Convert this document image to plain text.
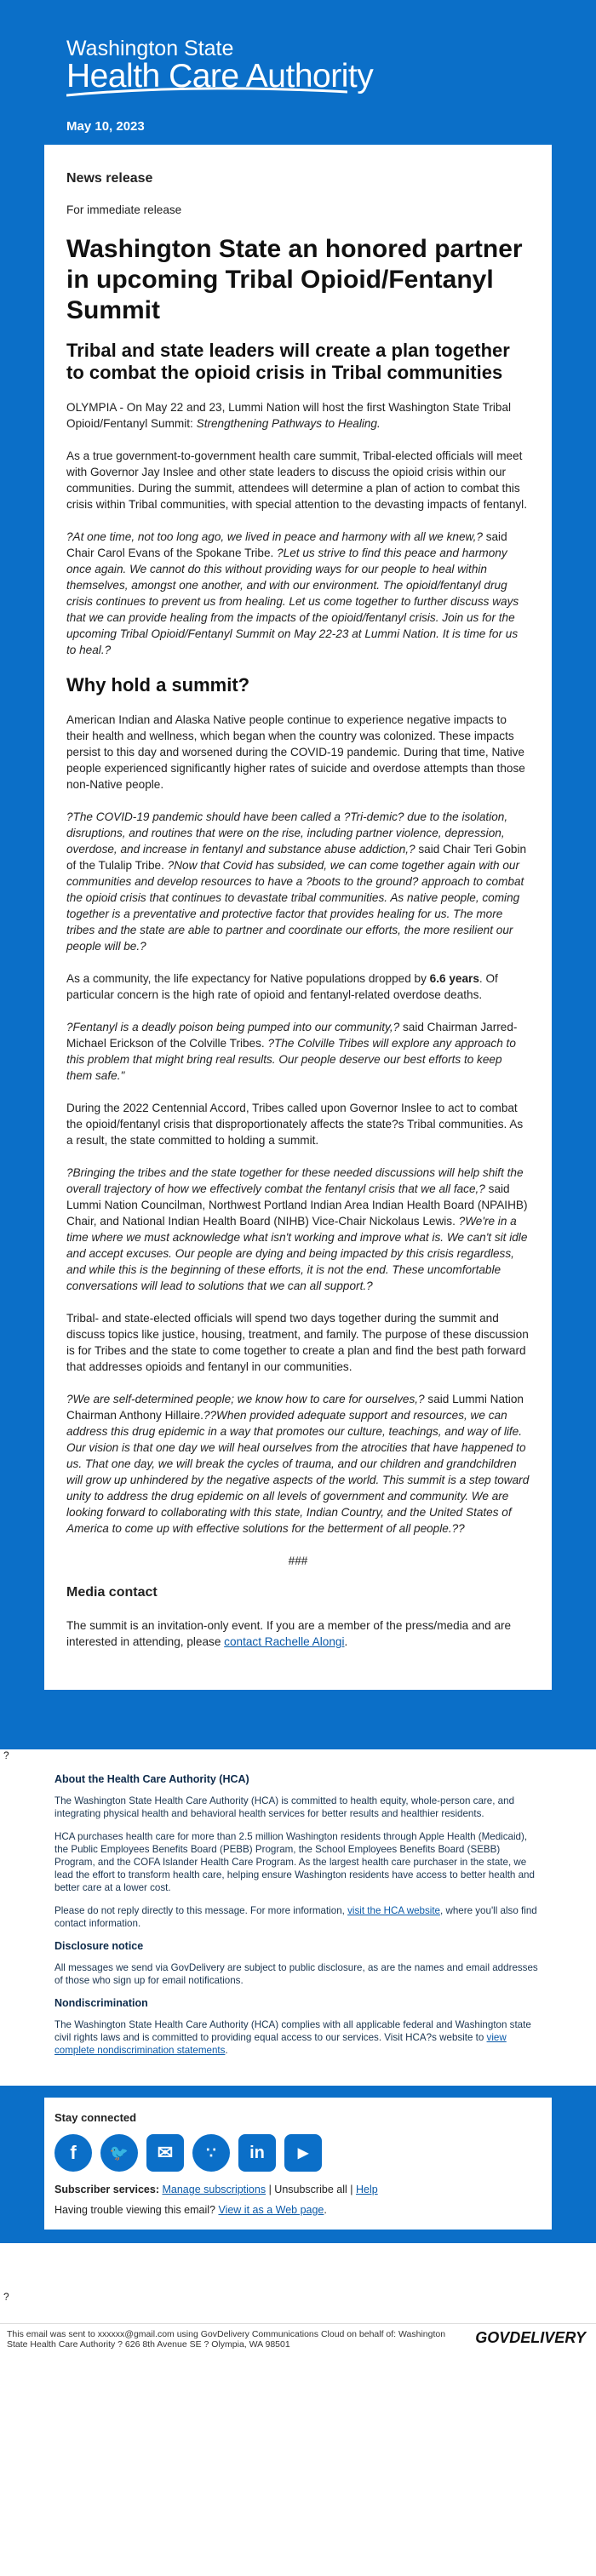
Washington State
Health Care Authority
May 10, 2023
News release

For immediate release

Washington State an honored partner in upcoming Tribal Opioid/Fentanyl Summit
Tribal and state leaders will create a plan together to combat the opioid crisis in Tribal communities

OLYMPIA - On May 22 and 23, Lummi Nation will host the first Washington State Tribal Opioid/Fentanyl Summit: Strengthening Pathways to Healing.

As a true government-to-government health care summit, Tribal-elected officials will meet with Governor Jay Inslee and other state leaders to discuss the opioid crisis within our communities. During the summit, attendees will determine a plan of action to combat this crisis within Tribal communities, with special attention to the devasting impacts of fentanyl.

?At one time, not too long ago, we lived in peace and harmony with all we knew,? said Chair Carol Evans of the Spokane Tribe. ?Let us strive to find this peace and harmony once again. We cannot do this without providing ways for our people to heal within themselves, amongst one another, and with our environment. The opioid/fentanyl drug crisis continues to prevent us from healing. Let us come together to further discuss ways that we can provide healing from the impacts of the opioid/fentanyl crisis. Join us for the upcoming Tribal Opioid/Fentanyl Summit on May 22-23 at Lummi Nation. It is time for us to heal.?

Why hold a summit?

American Indian and Alaska Native people continue to experience negative impacts to their health and wellness, which began when the country was colonized. These impacts persist to this day and worsened during the COVID-19 pandemic. During that time, Native people experienced significantly higher rates of suicide and overdose attempts than those non-Native people.

?The COVID-19 pandemic should have been called a ?Tri-demic? due to the isolation, disruptions, and routines that were on the rise, including partner violence, depression, overdose, and increase in fentanyl and substance abuse addiction,? said Chair Teri Gobin of the Tulalip Tribe. ?Now that Covid has subsided, we can come together again with our communities and develop resources to have a ?boots to the ground? approach to combat the opioid crisis that continues to devastate tribal communities. As native people, coming together is a preventative and protective factor that provides healing for us. The more tribes and the state are able to partner and coordinate our efforts, the more resilient our people will be.?

As a community, the life expectancy for Native populations dropped by 6.6 years. Of particular concern is the high rate of opioid and fentanyl-related overdose deaths.

?Fentanyl is a deadly poison being pumped into our community,? said Chairman Jarred-Michael Erickson of the Colville Tribes. ?The Colville Tribes will explore any approach to this problem that might bring real results. Our people deserve our best efforts to keep them safe."

During the 2022 Centennial Accord, Tribes called upon Governor Inslee to act to combat the opioid/fentanyl crisis that disproportionately affects the state?s Tribal communities. As a result, the state committed to holding a summit.

?Bringing the tribes and the state together for these needed discussions will help shift the overall trajectory of how we effectively combat the fentanyl crisis that we all face,? said Lummi Nation Councilman, Northwest Portland Indian Area Indian Health Board (NPAIHB) Chair, and National Indian Health Board (NIHB) Vice-Chair Nickolaus Lewis. ?We're in a time where we must acknowledge what isn't working and improve what is. We can't sit idle and accept excuses. Our people are dying and being impacted by this crisis regardless, and while this is the beginning of these efforts, it is not the end. These uncomfortable conversations will lead to solutions that we can all support.?

Tribal- and state-elected officials will spend two days together during the summit and discuss topics like justice, housing, treatment, and family. The purpose of these discussion is for Tribes and the state to come together to create a plan and find the best path forward that addresses opioids and fentanyl in our communities.

?We are self-determined people; we know how to care for ourselves,? said Lummi Nation Chairman Anthony Hillaire.??When provided adequate support and resources, we can address this drug epidemic in a way that promotes our culture, teachings, and way of life. Our vision is that one day we will heal ourselves from the atrocities that have happened to us. That one day, we will break the cycles of trauma, and our children and grandchildren will grow up unhindered by the negative aspects of the world. This summit is a step toward unity to address the drug epidemic on all levels of government and community. We are looking forward to collaborating with this state, Indian Country, and the United States of America to come up with effective solutions for the betterment of all people.??

###
Media contact

The summit is an invitation-only event. If you are a member of the press/media and are interested in attending, please contact Rachelle Alongi.

?
About the Health Care Authority (HCA)

The Washington State Health Care Authority (HCA) is committed to health equity, whole-person care, and integrating physical health and behavioral health services for better results and healthier residents.

HCA purchases health care for more than 2.5 million Washington residents through Apple Health (Medicaid), the Public Employees Benefits Board (PEBB) Program, the School Employees Benefits Board (SEBB) Program, and the COFA Islander Health Care Program. As the largest health care purchaser in the state, we lead the effort to transform health care, helping ensure Washington residents have access to better health and better care at a lower cost.

Please do not reply directly to this message. For more information, visit the HCA website, where you'll also find contact information.

Disclosure notice

All messages we send via GovDelivery are subject to public disclosure, as are the names and email addresses of those who sign up for email notifications.

Nondiscrimination

The Washington State Health Care Authority (HCA) complies with all applicable federal and Washington state civil rights laws and is committed to providing equal access to our services. Visit HCA?s website to view complete nondiscrimination statements.

Stay connected
f	🐦	✉	∵	in	▶
Subscriber services: Manage subscriptions | Unsubscribe all | Help
Having trouble viewing this email? View it as a Web page.
?
This email was sent to xxxxxx@gmail.com using GovDelivery Communications Cloud on behalf of: Washington State Health Care Authority ? 626 8th Avenue SE ? Olympia, WA 98501	GOVDELIVERY
